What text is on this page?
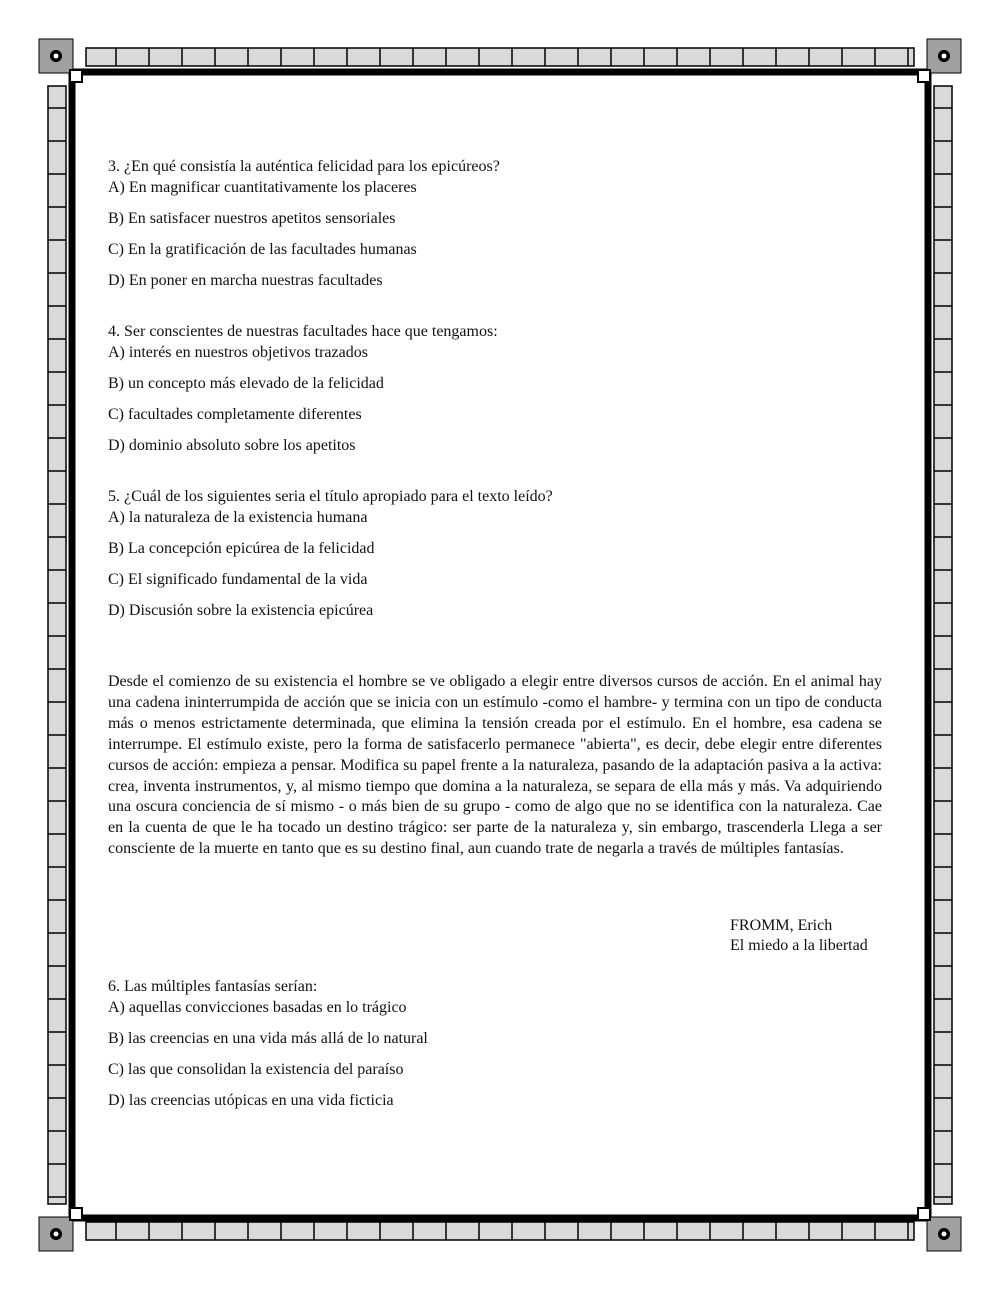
3. ¿En qué consistía la auténtica felicidad para los epicúreos?
A) En magnificar cuantitativamente los placeres
B) En satisfacer nuestros apetitos sensoriales
C) En la gratificación de las facultades humanas
D) En poner en marcha nuestras facultades
4. Ser conscientes de nuestras facultades hace que tengamos:
A) interés en nuestros objetivos trazados
B) un concepto más elevado de la felicidad
C) facultades completamente diferentes
D) dominio absoluto sobre los apetitos
5. ¿Cuál de los siguientes seria el título apropiado para el texto leído?
A) la naturaleza de la existencia humana
B) La concepción epicúrea de la felicidad
C) El significado fundamental de la vida
D) Discusión sobre la existencia epicúrea

Desde el comienzo de su existencia el hombre se ve obligado a elegir entre diversos cursos de acción. En el animal hay una cadena ininterrumpida de acción que se inicia con un estímulo -como el hambre- y termina con un tipo de conducta más o menos estrictamente determinada, que elimina la tensión creada por el estímulo. En el hombre, esa cadena se interrumpe. El estímulo existe, pero la forma de satisfacerlo permanece "abierta", es decir, debe elegir entre diferentes cursos de acción: empieza a pensar. Modifica su papel frente a la naturaleza, pasando de la adaptación pasiva a la activa: crea, inventa instrumentos, y, al mismo tiempo que domina a la naturaleza, se separa de ella más y más. Va adquiriendo una oscura conciencia de sí mismo - o más bien de su grupo - como de algo que no se identifica con la naturaleza. Cae en la cuenta de que le ha tocado un destino trágico: ser parte de la naturaleza y, sin embargo, trascenderla Llega a ser consciente de la muerte en tanto que es su destino final, aun cuando trate de negarla a través de múltiples fantasías.

FROMM, Erich
El miedo a la libertad
6. Las múltiples fantasías serían:
A) aquellas convicciones basadas en lo trágico
B) las creencias en una vida más allá de lo natural
C) las que consolidan la existencia del paraíso
D) las creencias utópicas en una vida ficticia
